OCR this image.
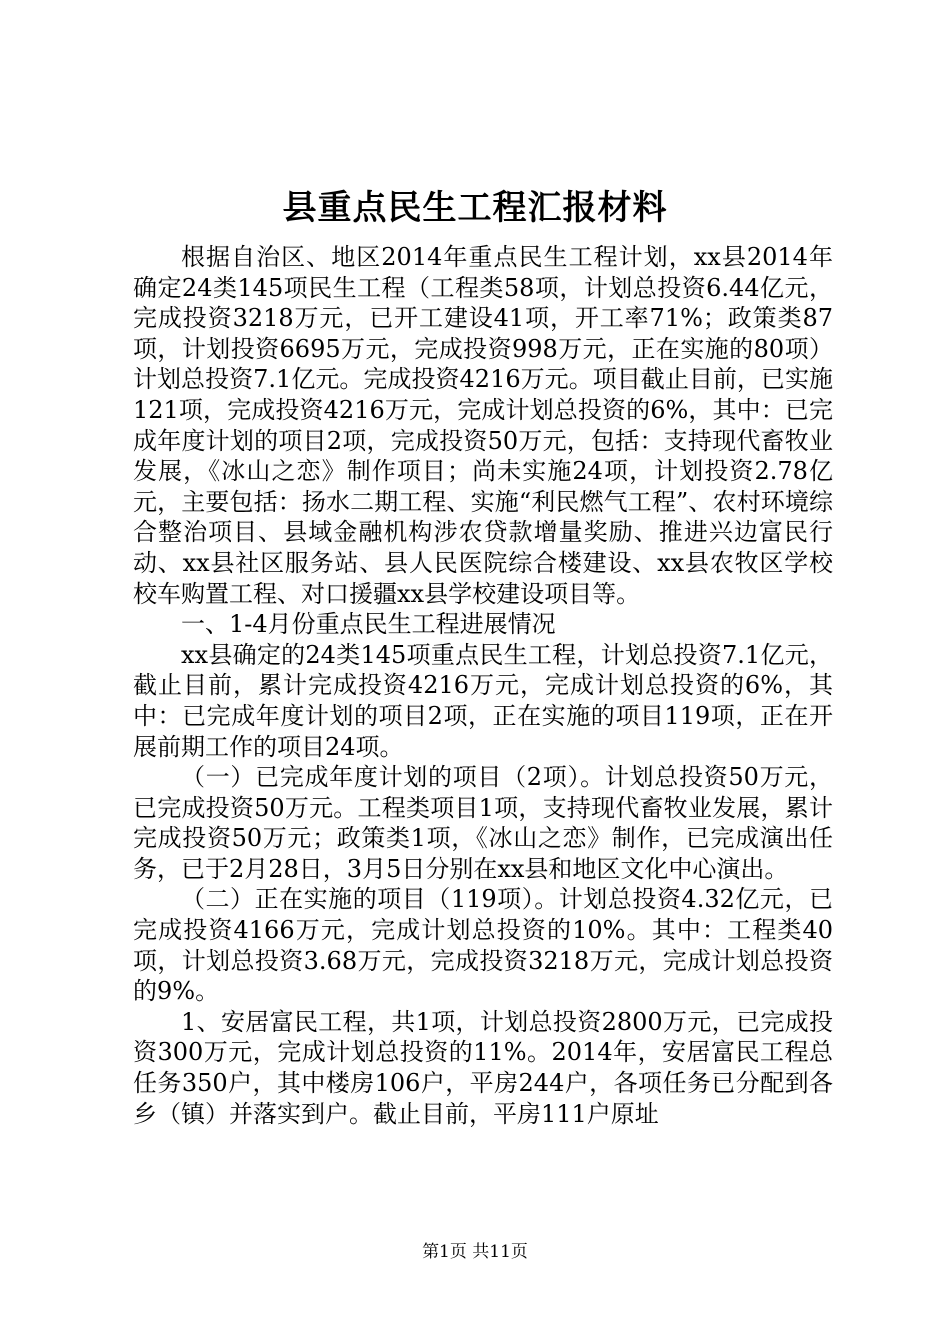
县重点民生工程汇报材料

根据自治区、地区2014年重点民生工程计划，xx县2014年确定24类145项民生工程（工程类58项，计划总投资6.44亿元，完成投资3218万元，已开工建设41项，开工率71%；政策类87项，计划投资6695万元，完成投资998万元，正在实施的80项）计划总投资7.1亿元。完成投资4216万元。项目截止目前，已实施121项，完成投资4216万元，完成计划总投资的6%，其中：已完成年度计划的项目2项，完成投资50万元，包括：支持现代畜牧业发展，《冰山之恋》制作项目；尚未实施24项，计划投资2.78亿元，主要包括：扬水二期工程、实施“利民燃气工程”、农村环境综合整治项目、县域金融机构涉农贷款增量奖励、推进兴边富民行动、xx县社区服务站、县人民医院综合楼建设、xx县农牧区学校校车购置工程、对口援疆xx县学校建设项目等。

一、1-4月份重点民生工程进展情况

xx县确定的24类145项重点民生工程，计划总投资7.1亿元，截止目前，累计完成投资4216万元，完成计划总投资的6%，其中：已完成年度计划的项目2项，正在实施的项目119项，正在开展前期工作的项目24项。

（一）已完成年度计划的项目（2项）。计划总投资50万元，已完成投资50万元。工程类项目1项，支持现代畜牧业发展，累计完成投资50万元；政策类1项，《冰山之恋》制作，已完成演出任务，已于2月28日，3月5日分别在xx县和地区文化中心演出。

（二）正在实施的项目（119项）。计划总投资4.32亿元，已完成投资4166万元，完成计划总投资的10%。其中：工程类40项，计划总投资3.68万元，完成投资3218万元，完成计划总投资的9%。

1、安居富民工程，共1项，计划总投资2800万元，已完成投资300万元，完成计划总投资的11%。2014年，安居富民工程总任务350户，其中楼房106户，平房244户，各项任务已分配到各乡（镇）并落实到户。截止目前，平房111户原址

第1页 共11页
